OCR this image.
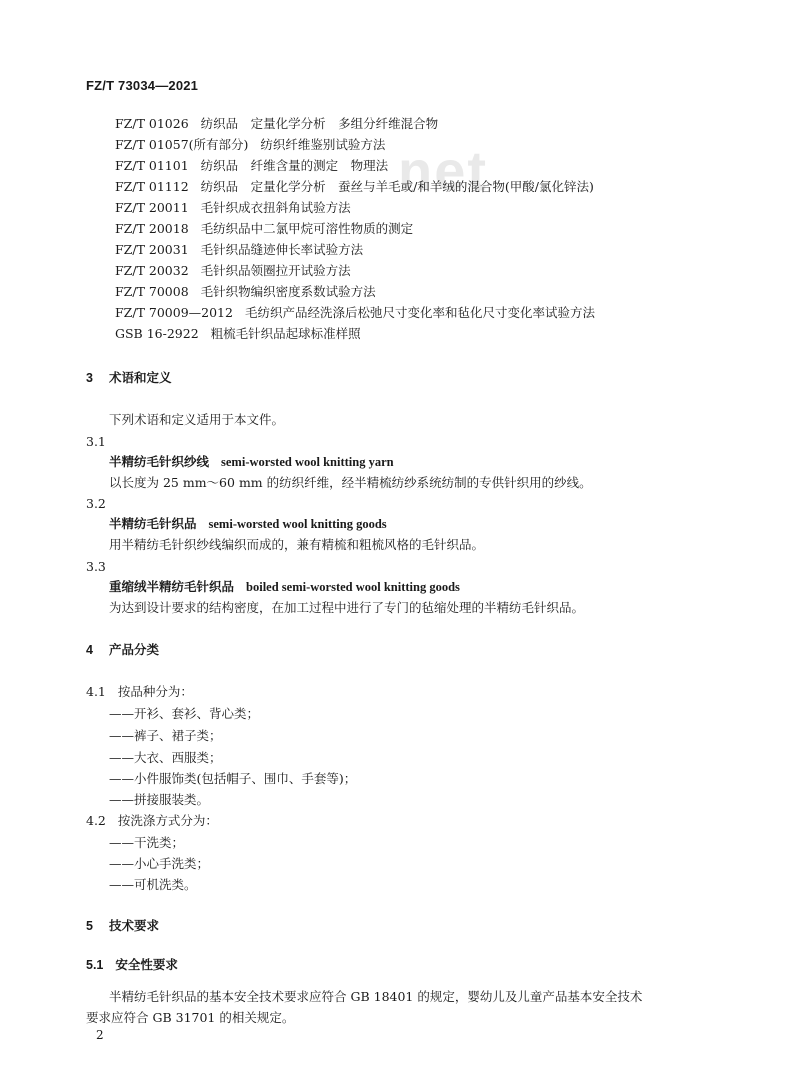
net
FZ/T 73034—2021
FZ/T 01026 纺织品　定量化学分析　多组分纤维混合物
FZ/T 01057(所有部分) 纺织纤维鉴别试验方法
FZ/T 01101 纺织品　纤维含量的测定　物理法
FZ/T 01112 纺织品　定量化学分析　蚕丝与羊毛或/和羊绒的混合物(甲酸/氯化锌法)
FZ/T 20011 毛针织成衣扭斜角试验方法
FZ/T 20018 毛纺织品中二氯甲烷可溶性物质的测定
FZ/T 20031 毛针织品缝迹伸长率试验方法
FZ/T 20032 毛针织品领圈拉开试验方法
FZ/T 70008 毛针织物编织密度系数试验方法
FZ/T 70009—2012 毛纺织产品经洗涤后松弛尺寸变化率和毡化尺寸变化率试验方法
GSB 16-2922 粗梳毛针织品起球标准样照
3 术语和定义
下列术语和定义适用于本文件。
3.1
半精纺毛针织纱线 semi-worsted wool knitting yarn
以长度为 25 mm～60 mm 的纺织纤维，经半精梳纺纱系统纺制的专供针织用的纱线。
3.2
半精纺毛针织品 semi-worsted wool knitting goods
用半精纺毛针织纱线编织而成的，兼有精梳和粗梳风格的毛针织品。
3.3
重缩绒半精纺毛针织品 boiled semi-worsted wool knitting goods
为达到设计要求的结构密度，在加工过程中进行了专门的毡缩处理的半精纺毛针织品。
4 产品分类
4.1 按品种分为：
——开衫、套衫、背心类；
——裤子、裙子类；
——大衣、西服类；
——小件服饰类(包括帽子、围巾、手套等)；
——拼接服装类。
4.2 按洗涤方式分为：
——干洗类；
——小心手洗类；
——可机洗类。
5 技术要求
5.1 安全性要求
半精纺毛针织品的基本安全技术要求应符合 GB 18401 的规定，婴幼儿及儿童产品基本安全技术
要求应符合 GB 31701 的相关规定。
2
